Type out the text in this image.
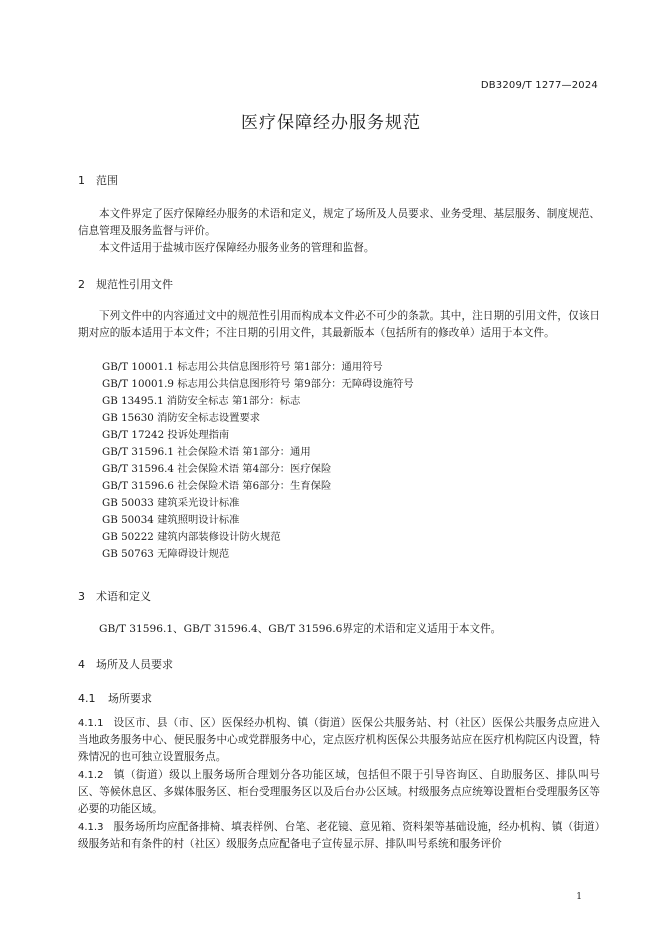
DB3209/T 1277—2024
医疗保障经办服务规范
1 范围
本文件界定了医疗保障经办服务的术语和定义，规定了场所及人员要求、业务受理、基层服务、制度规范、信息管理及服务监督与评价。
本文件适用于盐城市医疗保障经办服务业务的管理和监督。
2 规范性引用文件
下列文件中的内容通过文中的规范性引用而构成本文件必不可少的条款。其中，注日期的引用文件，仅该日期对应的版本适用于本文件；不注日期的引用文件，其最新版本（包括所有的修改单）适用于本文件。
GB/T 10001.1 标志用公共信息图形符号 第1部分：通用符号
GB/T 10001.9 标志用公共信息图形符号 第9部分：无障碍设施符号
GB 13495.1 消防安全标志 第1部分：标志
GB 15630 消防安全标志设置要求
GB/T 17242 投诉处理指南
GB/T 31596.1 社会保险术语 第1部分：通用
GB/T 31596.4 社会保险术语 第4部分：医疗保险
GB/T 31596.6 社会保险术语 第6部分：生育保险
GB 50033 建筑采光设计标准
GB 50034 建筑照明设计标准
GB 50222 建筑内部装修设计防火规范
GB 50763 无障碍设计规范
3 术语和定义
GB/T 31596.1、GB/T 31596.4、GB/T 31596.6界定的术语和定义适用于本文件。
4 场所及人员要求
4.1 场所要求
4.1.1 设区市、县（市、区）医保经办机构、镇（街道）医保公共服务站、村（社区）医保公共服务点应进入当地政务服务中心、便民服务中心或党群服务中心，定点医疗机构医保公共服务站应在医疗机构院区内设置，特殊情况的也可独立设置服务点。
4.1.2 镇（街道）级以上服务场所合理划分各功能区域，包括但不限于引导咨询区、自助服务区、排队叫号区、等候休息区、多媒体服务区、柜台受理服务区以及后台办公区域。村级服务点应统筹设置柜台受理服务区等必要的功能区域。
4.1.3 服务场所均应配备排椅、填表样例、台笔、老花镜、意见箱、资料架等基础设施，经办机构、镇（街道）级服务站和有条件的村（社区）级服务点应配备电子宣传显示屏、排队叫号系统和服务评价
1
